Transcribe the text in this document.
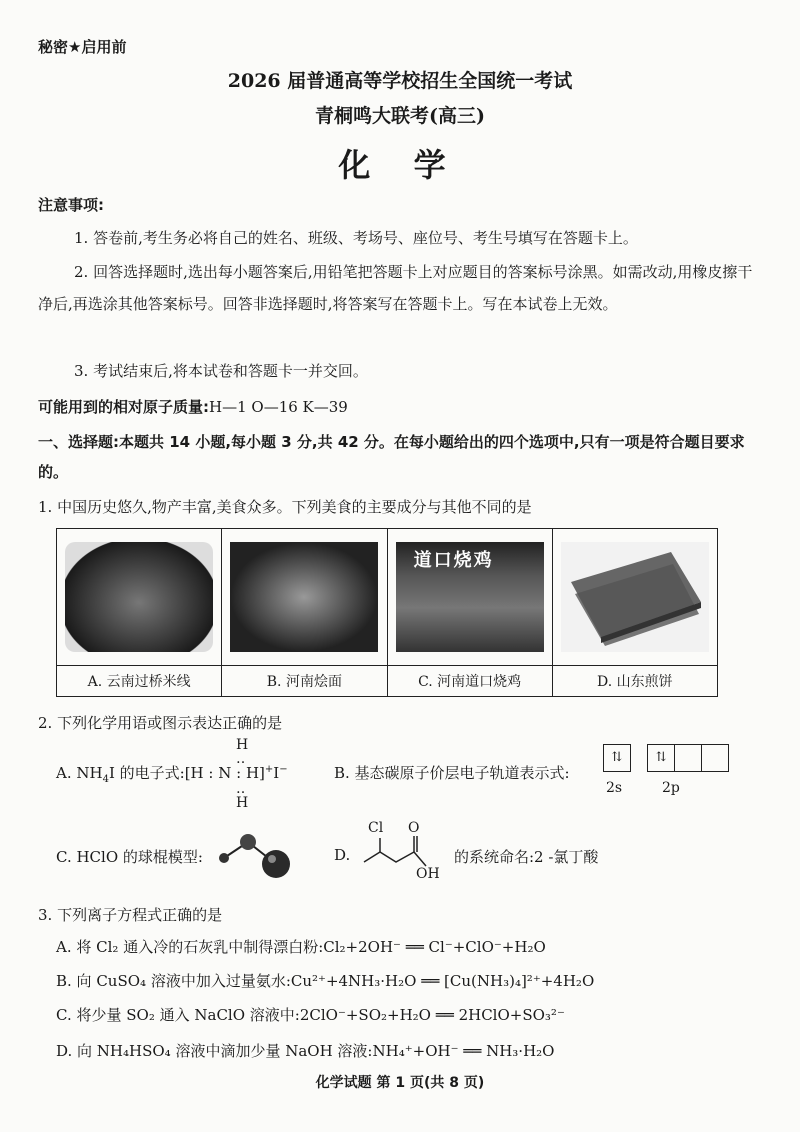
秘密★启用前
2026 届普通高等学校招生全国统一考试
青桐鸣大联考(高三)
化 学
注意事项:
1. 答卷前,考生务必将自己的姓名、班级、考场号、座位号、考生号填写在答题卡上。
2. 回答选择题时,选出每小题答案后,用铅笔把答题卡上对应题目的答案标号涂黑。如需改动,用橡皮擦干净后,再选涂其他答案标号。回答非选择题时,将答案写在答题卡上。写在本试卷上无效。
3. 考试结束后,将本试卷和答题卡一并交回。
可能用到的相对原子质量:H—1 O—16 K—39
一、选择题:本题共 14 小题,每小题 3 分,共 42 分。在每小题给出的四个选项中,只有一项是符合题目要求的。
1. 中国历史悠久,物产丰富,美食众多。下列美食的主要成分与其他不同的是

		道口烧鸡

A. 云南过桥米线	B. 河南烩面	C. 河南道口烧鸡	D. 山东煎饼
2. 下列化学用语或图示表达正确的是
A. $NH_4I$ 的电子式:[H : N : H]+I−
H
‥
‥
H
B. 基态碳原子价层电子轨道表示式:
⇅	⇅
2s	2p
C. HClO 的球棍模型:	D.
Cl O
OH
的系统命名:2 -氯丁酸
3. 下列离子方程式正确的是
A. 将 Cl₂ 通入冷的石灰乳中制得漂白粉:Cl₂+2OH⁻ ══ Cl⁻+ClO⁻+H₂O
B. 向 CuSO₄ 溶液中加入过量氨水:Cu²⁺+4NH₃·H₂O ══ [Cu(NH₃)₄]²⁺+4H₂O
C. 将少量 SO₂ 通入 NaClO 溶液中:2ClO⁻+SO₂+H₂O ══ 2HClO+SO₃²⁻
D. 向 NH₄HSO₄ 溶液中滴加少量 NaOH 溶液:NH₄⁺+OH⁻ ══ NH₃·H₂O
化学试题 第 1 页(共 8 页)
